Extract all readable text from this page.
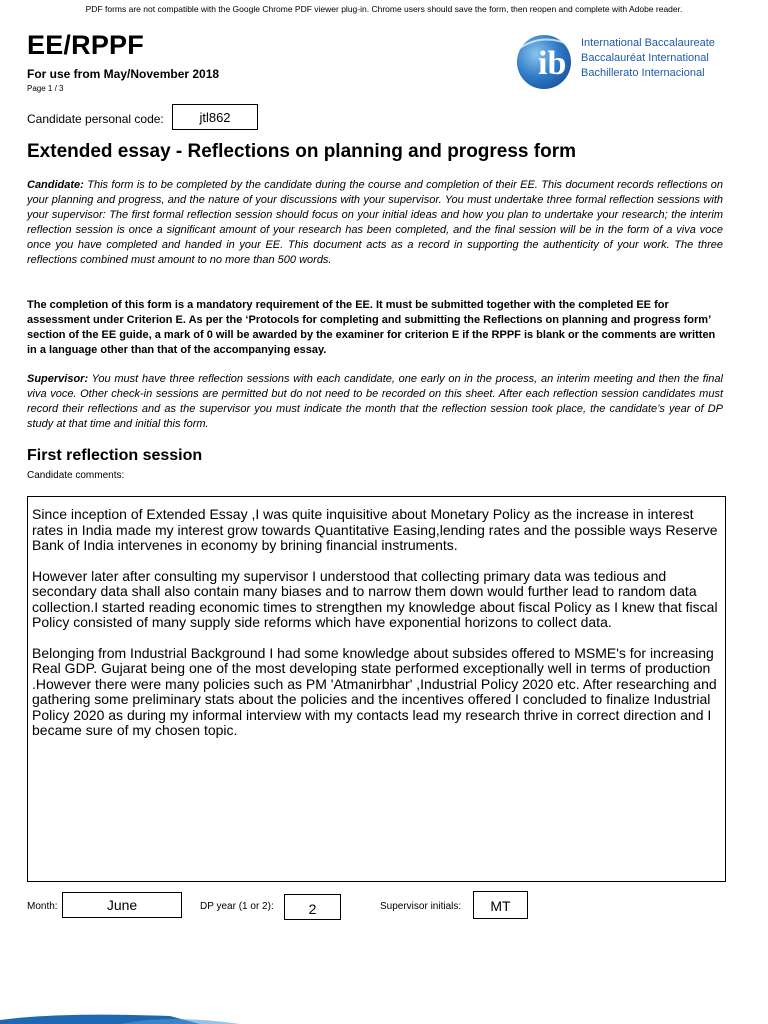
PDF forms are not compatible with the Google Chrome PDF viewer plug-in. Chrome users should save the form, then reopen and complete with Adobe reader.
EE/RPPF
For use from May/November 2018
Page 1 / 3
ib
International Baccalaureate
Baccalauréat International
Bachillerato Internacional
Candidate personal code:	jtl862
Extended essay - Reflections on planning and progress form
Candidate: This form is to be completed by the candidate during the course and completion of their EE. This document records reflections on your planning and progress, and the nature of your discussions with your supervisor. You must undertake three formal reflection sessions with your supervisor: The first formal reflection session should focus on your initial ideas and how you plan to undertake your research; the interim reflection session is once a significant amount of your research has been completed, and the final session will be in the form of a viva voce once you have completed and handed in your EE. This document acts as a record in supporting the authenticity of your work. The three reflections combined must amount to no more than 500 words.
The completion of this form is a mandatory requirement of the EE. It must be submitted together with the completed EE for assessment under Criterion E. As per the ‘Protocols for completing and submitting the Reflections on planning and progress form’ section of the EE guide, a mark of 0 will be awarded by the examiner for criterion E if the RPPF is blank or the comments are written in a language other than that of the accompanying essay.
Supervisor: You must have three reflection sessions with each candidate, one early on in the process, an interim meeting and then the final viva voce. Other check-in sessions are permitted but do not need to be recorded on this sheet. After each reflection session candidates must record their reflections and as the supervisor you must indicate the month that the reflection session took place, the candidate’s year of DP study at that time and initial this form.
First reflection session
Candidate comments:

Since inception of Extended Essay ,I was quite inquisitive about Monetary Policy as the increase in interest rates in India made my interest grow towards Quantitative Easing,lending rates and the possible ways Reserve Bank of India intervenes in economy by brining financial instruments.

However later after consulting my supervisor I understood that collecting primary data was tedious and secondary data shall also contain many biases and to narrow them down would further lead to random data collection.I started reading economic times to strengthen my knowledge about fiscal Policy as I knew that fiscal Policy consisted of many supply side reforms which have exponential horizons to collect data.

Belonging from Industrial Background I had some knowledge about subsides offered to MSME's for increasing Real GDP. Gujarat being one of the most developing state performed exceptionally well in terms of production .However there were many policies such as PM 'Atmanirbhar' ,Industrial Policy 2020 etc. After researching and gathering some preliminary stats about the policies and the incentives offered I concluded to finalize Industrial Policy 2020 as during my informal interview with my contacts lead my research thrive in correct direction and I became sure of my chosen topic.

Month:	June	DP year (1 or 2):	2	Supervisor initials:	MT
